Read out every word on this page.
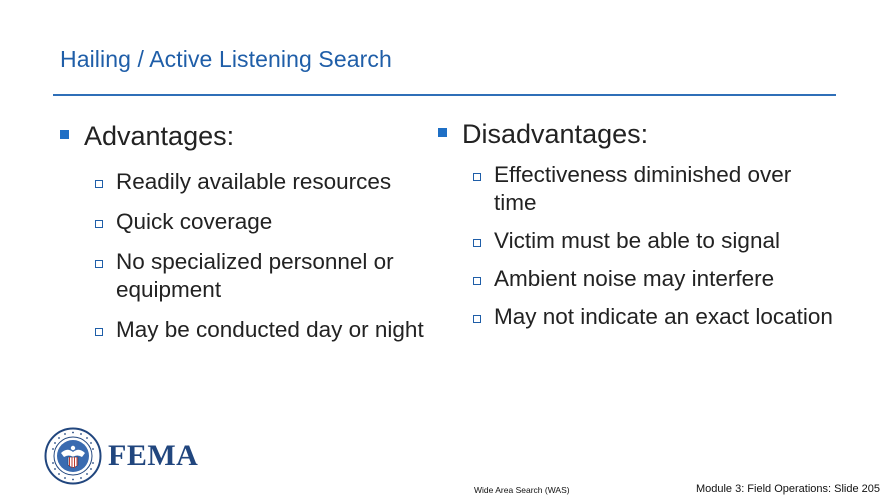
Hailing / Active Listening Search
Advantages:
Readily available resources
Quick coverage
No specialized personnel or equipment
May be conducted day or night
Disadvantages:
Effectiveness diminished over time
Victim must be able to signal
Ambient noise may interfere
May not indicate an exact location
FEMA
Wide Area Search (WAS)	Module 3: Field Operations: Slide 205
